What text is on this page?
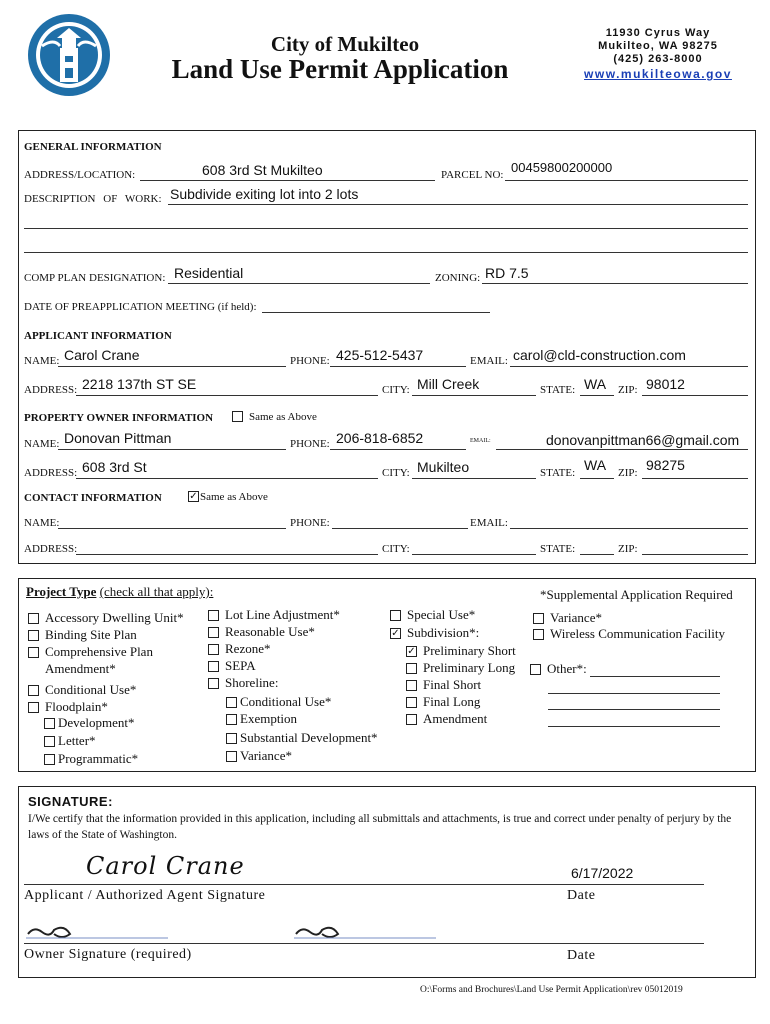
City of Mukilteo
Land Use Permit Application
11930 Cyrus Way
Mukilteo, WA 98275
(425) 263-8000
www.mukilteowa.gov
GENERAL INFORMATION
ADDRESS/LOCATION:	608 3rd St Mukilteo	PARCEL NO: 00459800200000
DESCRIPTION OF WORK: Subdivide exiting lot into 2 lots
COMP PLAN DESIGNATION: Residential	ZONING: RD 7.5
DATE OF PREAPPLICATION MEETING (if held):
APPLICANT INFORMATION
NAME: Carol Crane	PHONE: 425-512-5437	EMAIL: carol@cld-construction.com
ADDRESS: 2218 137th ST SE	CITY: Mill Creek	STATE: WA ZIP: 98012
PROPERTY OWNER INFORMATION	Same as Above
NAME: Donovan Pittman	PHONE: 206-818-6852	EMAIL:	donovanpittman66@gmail.com
ADDRESS: 608 3rd St	CITY: Mukilteo	STATE: WA ZIP: 98275
CONTACT INFORMATION	✓ Same as Above
NAME:	PHONE:	EMAIL:
ADDRESS:	CITY:	STATE:	ZIP:
Project Type (check all that apply):	*Supplemental Application Required
Accessory Dwelling Unit*
Binding Site Plan
Comprehensive Plan
Amendment*
Conditional Use*
Floodplain*
Development*
Letter*
Programmatic*
Lot Line Adjustment*
Reasonable Use*
Rezone*
SEPA
Shoreline:
Conditional Use*
Exemption
Substantial Development*
Variance*
Special Use*
✓ Subdivision*:
✓ Preliminary Short
Preliminary Long
Final Short
Final Long
Amendment
Variance*
Wireless Communication Facility
Other*:
SIGNATURE:
I/We certify that the information provided in this application, including all submittals and attachments, is true and correct under penalty of perjury by the laws of the State of Washington.
Carol Crane	6/17/2022
Applicant / Authorized Agent Signature	Date
Owner Signature (required)	Date
O:\Forms and Brochures\Land Use Permit Application\rev 05012019
